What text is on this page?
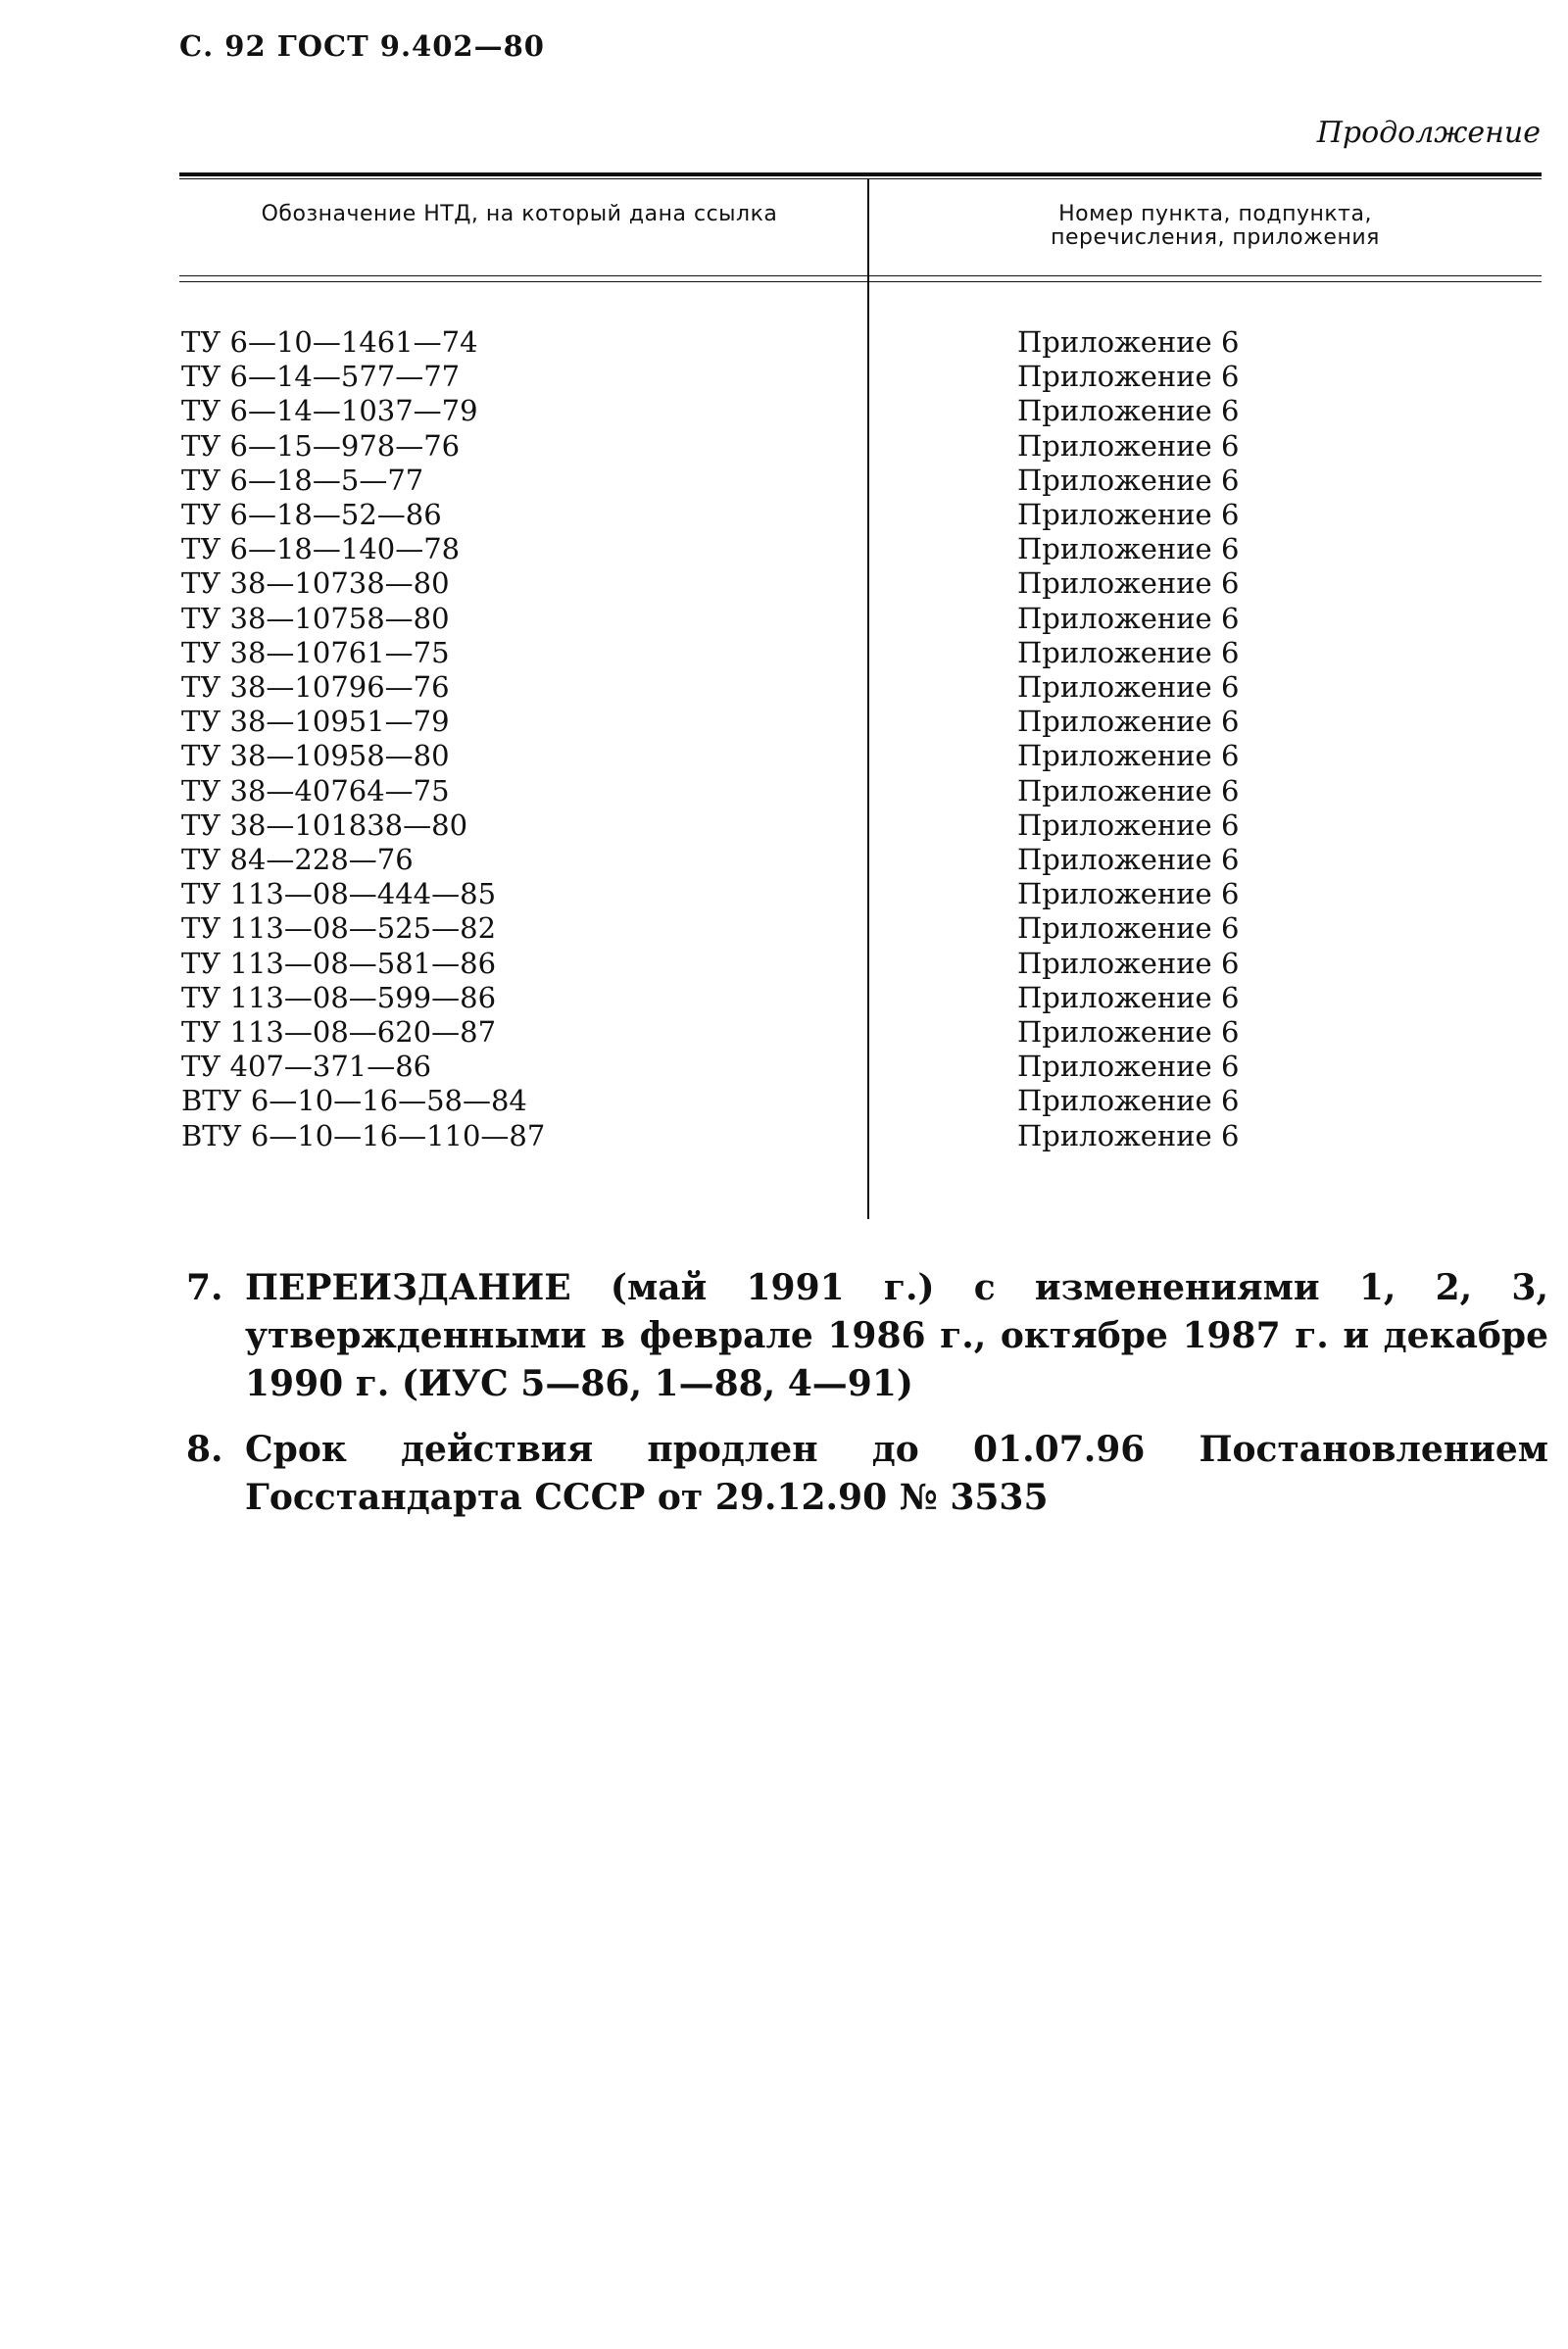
С. 92 ГОСТ 9.402—80
Продолжение
Обозначение НТД, на который дана ссылка	Номер пункта, подпункта, перечисления, приложения
ТУ 6—10—1461—74
ТУ 6—14—577—77
ТУ 6—14—1037—79
ТУ 6—15—978—76
ТУ 6—18—5—77
ТУ 6—18—52—86
ТУ 6—18—140—78
ТУ 38—10738—80
ТУ 38—10758—80
ТУ 38—10761—75
ТУ 38—10796—76
ТУ 38—10951—79
ТУ 38—10958—80
ТУ 38—40764—75
ТУ 38—101838—80
ТУ 84—228—76
ТУ 113—08—444—85
ТУ 113—08—525—82
ТУ 113—08—581—86
ТУ 113—08—599—86
ТУ 113—08—620—87
ТУ 407—371—86
ВТУ 6—10—16—58—84
ВТУ 6—10—16—110—87
Приложение 6
Приложение 6
Приложение 6
Приложение 6
Приложение 6
Приложение 6
Приложение 6
Приложение 6
Приложение 6
Приложение 6
Приложение 6
Приложение 6
Приложение 6
Приложение 6
Приложение 6
Приложение 6
Приложение 6
Приложение 6
Приложение 6
Приложение 6
Приложение 6
Приложение 6
Приложение 6
Приложение 6
7. ПЕРЕИЗДАНИЕ (май 1991 г.) с изменениями 1, 2, 3, утвержденными в феврале 1986 г., октябре 1987 г. и декабре 1990 г. (ИУС 5—86, 1—88, 4—91)
8. Срок действия продлен до 01.07.96 Постановлением Госстандарта СССР от 29.12.90 № 3535
